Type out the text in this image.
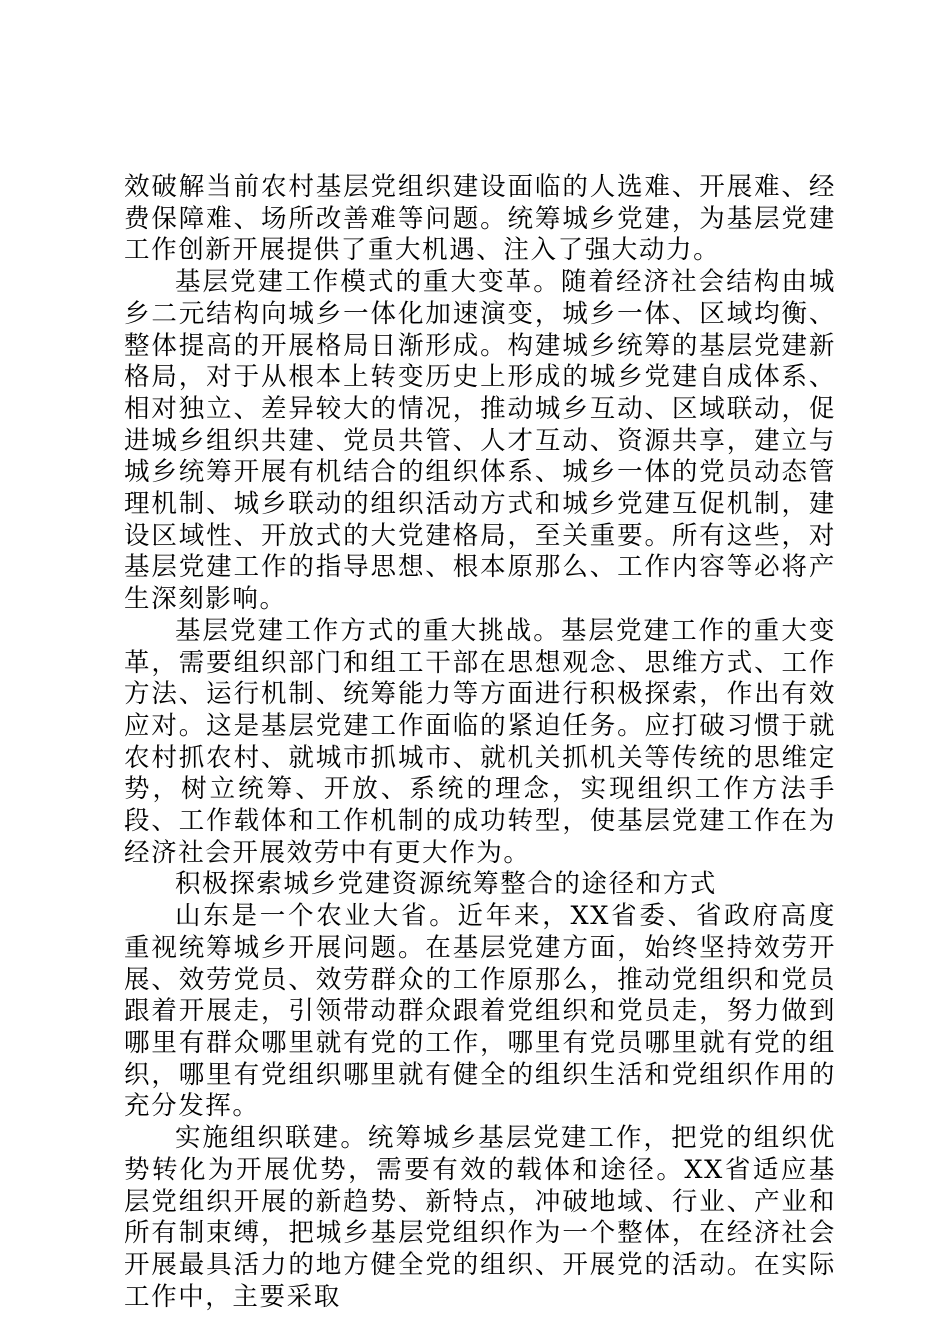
效破解当前农村基层党组织建设面临的人选难、开展难、经费保障难、场所改善难等问题。统筹城乡党建，为基层党建工作创新开展提供了重大机遇、注入了强大动力。

基层党建工作模式的重大变革。随着经济社会结构由城乡二元结构向城乡一体化加速演变，城乡一体、区域均衡、整体提高的开展格局日渐形成。构建城乡统筹的基层党建新格局，对于从根本上转变历史上形成的城乡党建自成体系、相对独立、差异较大的情况，推动城乡互动、区域联动，促进城乡组织共建、党员共管、人才互动、资源共享，建立与城乡统筹开展有机结合的组织体系、城乡一体的党员动态管理机制、城乡联动的组织活动方式和城乡党建互促机制，建设区域性、开放式的大党建格局，至关重要。所有这些，对基层党建工作的指导思想、根本原那么、工作内容等必将产生深刻影响。

基层党建工作方式的重大挑战。基层党建工作的重大变革，需要组织部门和组工干部在思想观念、思维方式、工作方法、运行机制、统筹能力等方面进行积极探索，作出有效应对。这是基层党建工作面临的紧迫任务。应打破习惯于就农村抓农村、就城市抓城市、就机关抓机关等传统的思维定势，树立统筹、开放、系统的理念，实现组织工作方法手段、工作载体和工作机制的成功转型，使基层党建工作在为经济社会开展效劳中有更大作为。

积极探索城乡党建资源统筹整合的途径和方式

山东是一个农业大省。近年来，XX省委、省政府高度重视统筹城乡开展问题。在基层党建方面，始终坚持效劳开展、效劳党员、效劳群众的工作原那么，推动党组织和党员跟着开展走，引领带动群众跟着党组织和党员走，努力做到哪里有群众哪里就有党的工作，哪里有党员哪里就有党的组织，哪里有党组织哪里就有健全的组织生活和党组织作用的充分发挥。

实施组织联建。统筹城乡基层党建工作，把党的组织优势转化为开展优势，需要有效的载体和途径。XX省适应基层党组织开展的新趋势、新特点，冲破地域、行业、产业和所有制束缚，把城乡基层党组织作为一个整体，在经济社会开展最具活力的地方健全党的组织、开展党的活动。在实际工作中，主要采取
